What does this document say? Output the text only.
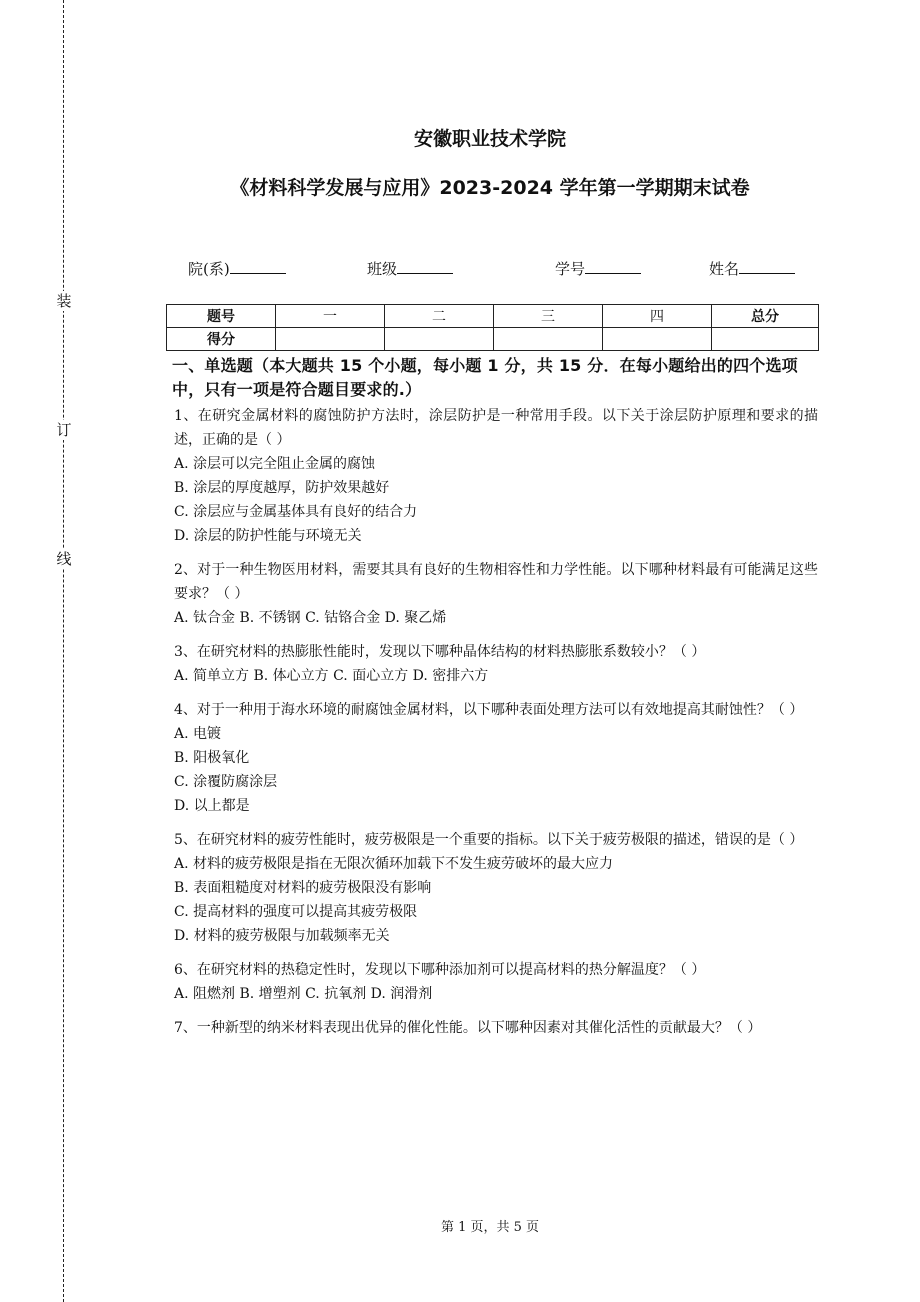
装
订
线
安徽职业技术学院
《材料科学发展与应用》2023-2024 学年第一学期期末试卷
院(系)	班级	学号	姓名
题号	一	二	三	四	总分
得分					
一、单选题（本大题共 15 个小题，每小题 1 分，共 15 分．在每小题给出的四个选项中，只有一项是符合题目要求的.）
1、在研究金属材料的腐蚀防护方法时，涂层防护是一种常用手段。以下关于涂层防护原理和要求的描述，正确的是（ ）
A. 涂层可以完全阻止金属的腐蚀
B. 涂层的厚度越厚，防护效果越好
C. 涂层应与金属基体具有良好的结合力
D. 涂层的防护性能与环境无关
2、对于一种生物医用材料，需要其具有良好的生物相容性和力学性能。以下哪种材料最有可能满足这些要求？（ ）
A. 钛合金 B. 不锈钢 C. 钴铬合金 D. 聚乙烯
3、在研究材料的热膨胀性能时，发现以下哪种晶体结构的材料热膨胀系数较小？（ ）
A. 简单立方 B. 体心立方 C. 面心立方 D. 密排六方
4、对于一种用于海水环境的耐腐蚀金属材料，以下哪种表面处理方法可以有效地提高其耐蚀性？（ ）
A. 电镀
B. 阳极氧化
C. 涂覆防腐涂层
D. 以上都是
5、在研究材料的疲劳性能时，疲劳极限是一个重要的指标。以下关于疲劳极限的描述，错误的是（ ）
A. 材料的疲劳极限是指在无限次循环加载下不发生疲劳破坏的最大应力
B. 表面粗糙度对材料的疲劳极限没有影响
C. 提高材料的强度可以提高其疲劳极限
D. 材料的疲劳极限与加载频率无关
6、在研究材料的热稳定性时，发现以下哪种添加剂可以提高材料的热分解温度？（ ）
A. 阻燃剂 B. 增塑剂 C. 抗氧剂 D. 润滑剂
7、一种新型的纳米材料表现出优异的催化性能。以下哪种因素对其催化活性的贡献最大？（ ）
第 1 页，共 5 页
